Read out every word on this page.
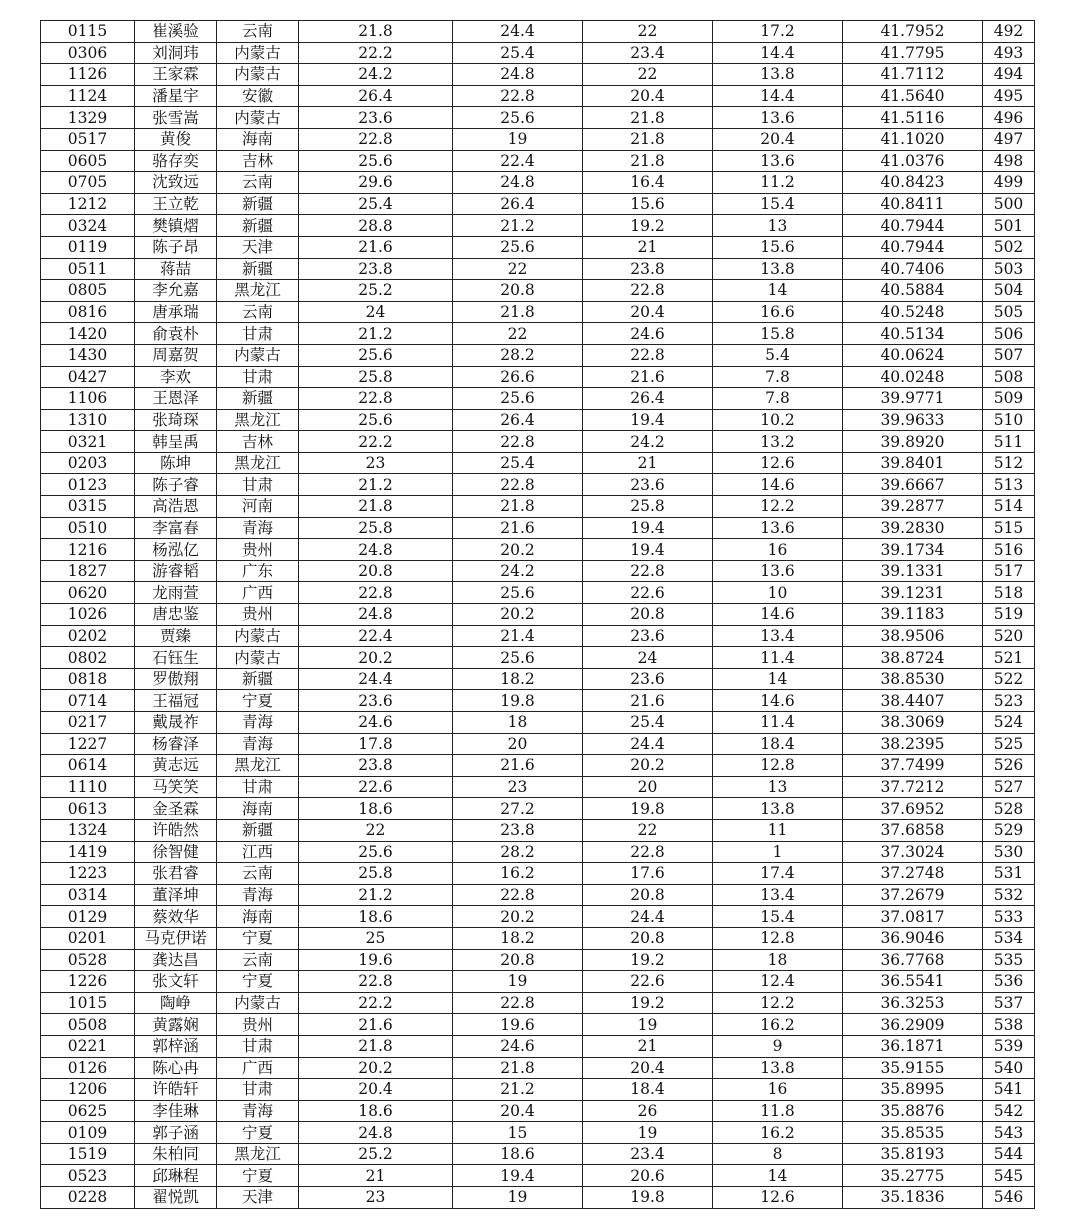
0115	崔溪验	云南	21.8	24.4	22	17.2	41.7952	492
0306	刘洞玮	内蒙古	22.2	25.4	23.4	14.4	41.7795	493
1126	王家霖	内蒙古	24.2	24.8	22	13.8	41.7112	494
1124	潘星宇	安徽	26.4	22.8	20.4	14.4	41.5640	495
1329	张雪嵩	内蒙古	23.6	25.6	21.8	13.6	41.5116	496
0517	黄俊	海南	22.8	19	21.8	20.4	41.1020	497
0605	骆存奕	吉林	25.6	22.4	21.8	13.6	41.0376	498
0705	沈致远	云南	29.6	24.8	16.4	11.2	40.8423	499
1212	王立乾	新疆	25.4	26.4	15.6	15.4	40.8411	500
0324	樊镇熠	新疆	28.8	21.2	19.2	13	40.7944	501
0119	陈子昂	天津	21.6	25.6	21	15.6	40.7944	502
0511	蒋喆	新疆	23.8	22	23.8	13.8	40.7406	503
0805	李允嘉	黑龙江	25.2	20.8	22.8	14	40.5884	504
0816	唐承瑞	云南	24	21.8	20.4	16.6	40.5248	505
1420	俞袁朴	甘肃	21.2	22	24.6	15.8	40.5134	506
1430	周嘉贺	内蒙古	25.6	28.2	22.8	5.4	40.0624	507
0427	李欢	甘肃	25.8	26.6	21.6	7.8	40.0248	508
1106	王恩泽	新疆	22.8	25.6	26.4	7.8	39.9771	509
1310	张琦琛	黑龙江	25.6	26.4	19.4	10.2	39.9633	510
0321	韩呈禹	吉林	22.2	22.8	24.2	13.2	39.8920	511
0203	陈坤	黑龙江	23	25.4	21	12.6	39.8401	512
0123	陈子睿	甘肃	21.2	22.8	23.6	14.6	39.6667	513
0315	高浩恩	河南	21.8	21.8	25.8	12.2	39.2877	514
0510	李富春	青海	25.8	21.6	19.4	13.6	39.2830	515
1216	杨泓亿	贵州	24.8	20.2	19.4	16	39.1734	516
1827	游睿韬	广东	20.8	24.2	22.8	13.6	39.1331	517
0620	龙雨萱	广西	22.8	25.6	22.6	10	39.1231	518
1026	唐忠鉴	贵州	24.8	20.2	20.8	14.6	39.1183	519
0202	贾臻	内蒙古	22.4	21.4	23.6	13.4	38.9506	520
0802	石钰生	内蒙古	20.2	25.6	24	11.4	38.8724	521
0818	罗傲翔	新疆	24.4	18.2	23.6	14	38.8530	522
0714	王福冠	宁夏	23.6	19.8	21.6	14.6	38.4407	523
0217	戴晟祚	青海	24.6	18	25.4	11.4	38.3069	524
1227	杨睿泽	青海	17.8	20	24.4	18.4	38.2395	525
0614	黄志远	黑龙江	23.8	21.6	20.2	12.8	37.7499	526
1110	马笑笑	甘肃	22.6	23	20	13	37.7212	527
0613	金圣霖	海南	18.6	27.2	19.8	13.8	37.6952	528
1324	许皓然	新疆	22	23.8	22	11	37.6858	529
1419	徐智健	江西	25.6	28.2	22.8	1	37.3024	530
1223	张君睿	云南	25.8	16.2	17.6	17.4	37.2748	531
0314	董泽坤	青海	21.2	22.8	20.8	13.4	37.2679	532
0129	蔡效华	海南	18.6	20.2	24.4	15.4	37.0817	533
0201	马克伊诺	宁夏	25	18.2	20.8	12.8	36.9046	534
0528	龚达昌	云南	19.6	20.8	19.2	18	36.7768	535
1226	张文轩	宁夏	22.8	19	22.6	12.4	36.5541	536
1015	陶峥	内蒙古	22.2	22.8	19.2	12.2	36.3253	537
0508	黄露娴	贵州	21.6	19.6	19	16.2	36.2909	538
0221	郭梓涵	甘肃	21.8	24.6	21	9	36.1871	539
0126	陈心冉	广西	20.2	21.8	20.4	13.8	35.9155	540
1206	许皓轩	甘肃	20.4	21.2	18.4	16	35.8995	541
0625	李佳琳	青海	18.6	20.4	26	11.8	35.8876	542
0109	郭子涵	宁夏	24.8	15	19	16.2	35.8535	543
1519	朱柏同	黑龙江	25.2	18.6	23.4	8	35.8193	544
0523	邱琳程	宁夏	21	19.4	20.6	14	35.2775	545
0228	翟悦凯	天津	23	19	19.8	12.6	35.1836	546
